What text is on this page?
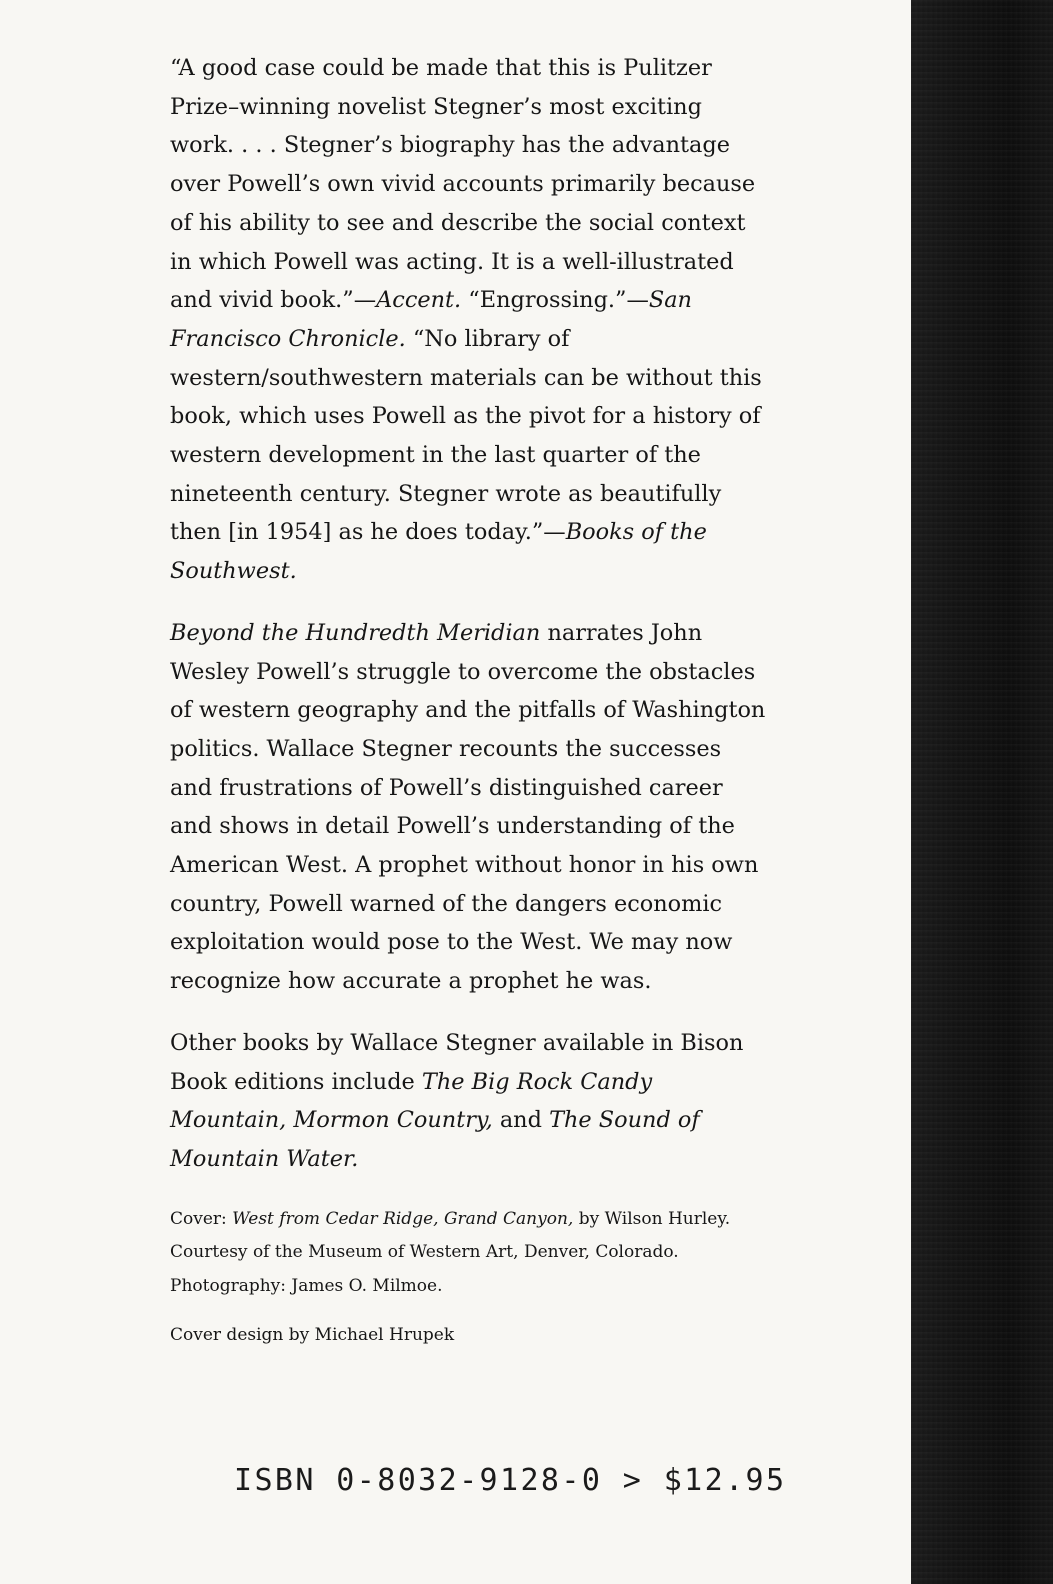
“A good case could be made that this is Pulitzer Prize–winning novelist Stegner’s most exciting work. . . . Stegner’s biography has the advantage over Powell’s own vivid accounts primarily because of his ability to see and describe the social context in which Powell was acting. It is a well-illustrated and vivid book.”—Accent. “Engrossing.”—San Francisco Chronicle. “No library of western/southwestern materials can be without this book, which uses Powell as the pivot for a history of western development in the last quarter of the nineteenth century. Stegner wrote as beautifully then [in 1954] as he does today.”—Books of the Southwest.

Beyond the Hundredth Meridian narrates John Wesley Powell’s struggle to overcome the obstacles of western geography and the pitfalls of Washington politics. Wallace Stegner recounts the successes and frustrations of Powell’s distinguished career and shows in detail Powell’s understanding of the American West. A prophet without honor in his own country, Powell warned of the dangers economic exploitation would pose to the West. We may now recognize how accurate a prophet he was.

Other books by Wallace Stegner available in Bison Book editions include The Big Rock Candy Mountain, Mormon Country, and The Sound of Mountain Water.

Cover: West from Cedar Ridge, Grand Canyon, by Wilson Hurley. Courtesy of the Museum of Western Art, Denver, Colorado. Photography: James O. Milmoe.

Cover design by Michael Hrupek

ISBN 0-8032-9128-0 > $12.95
